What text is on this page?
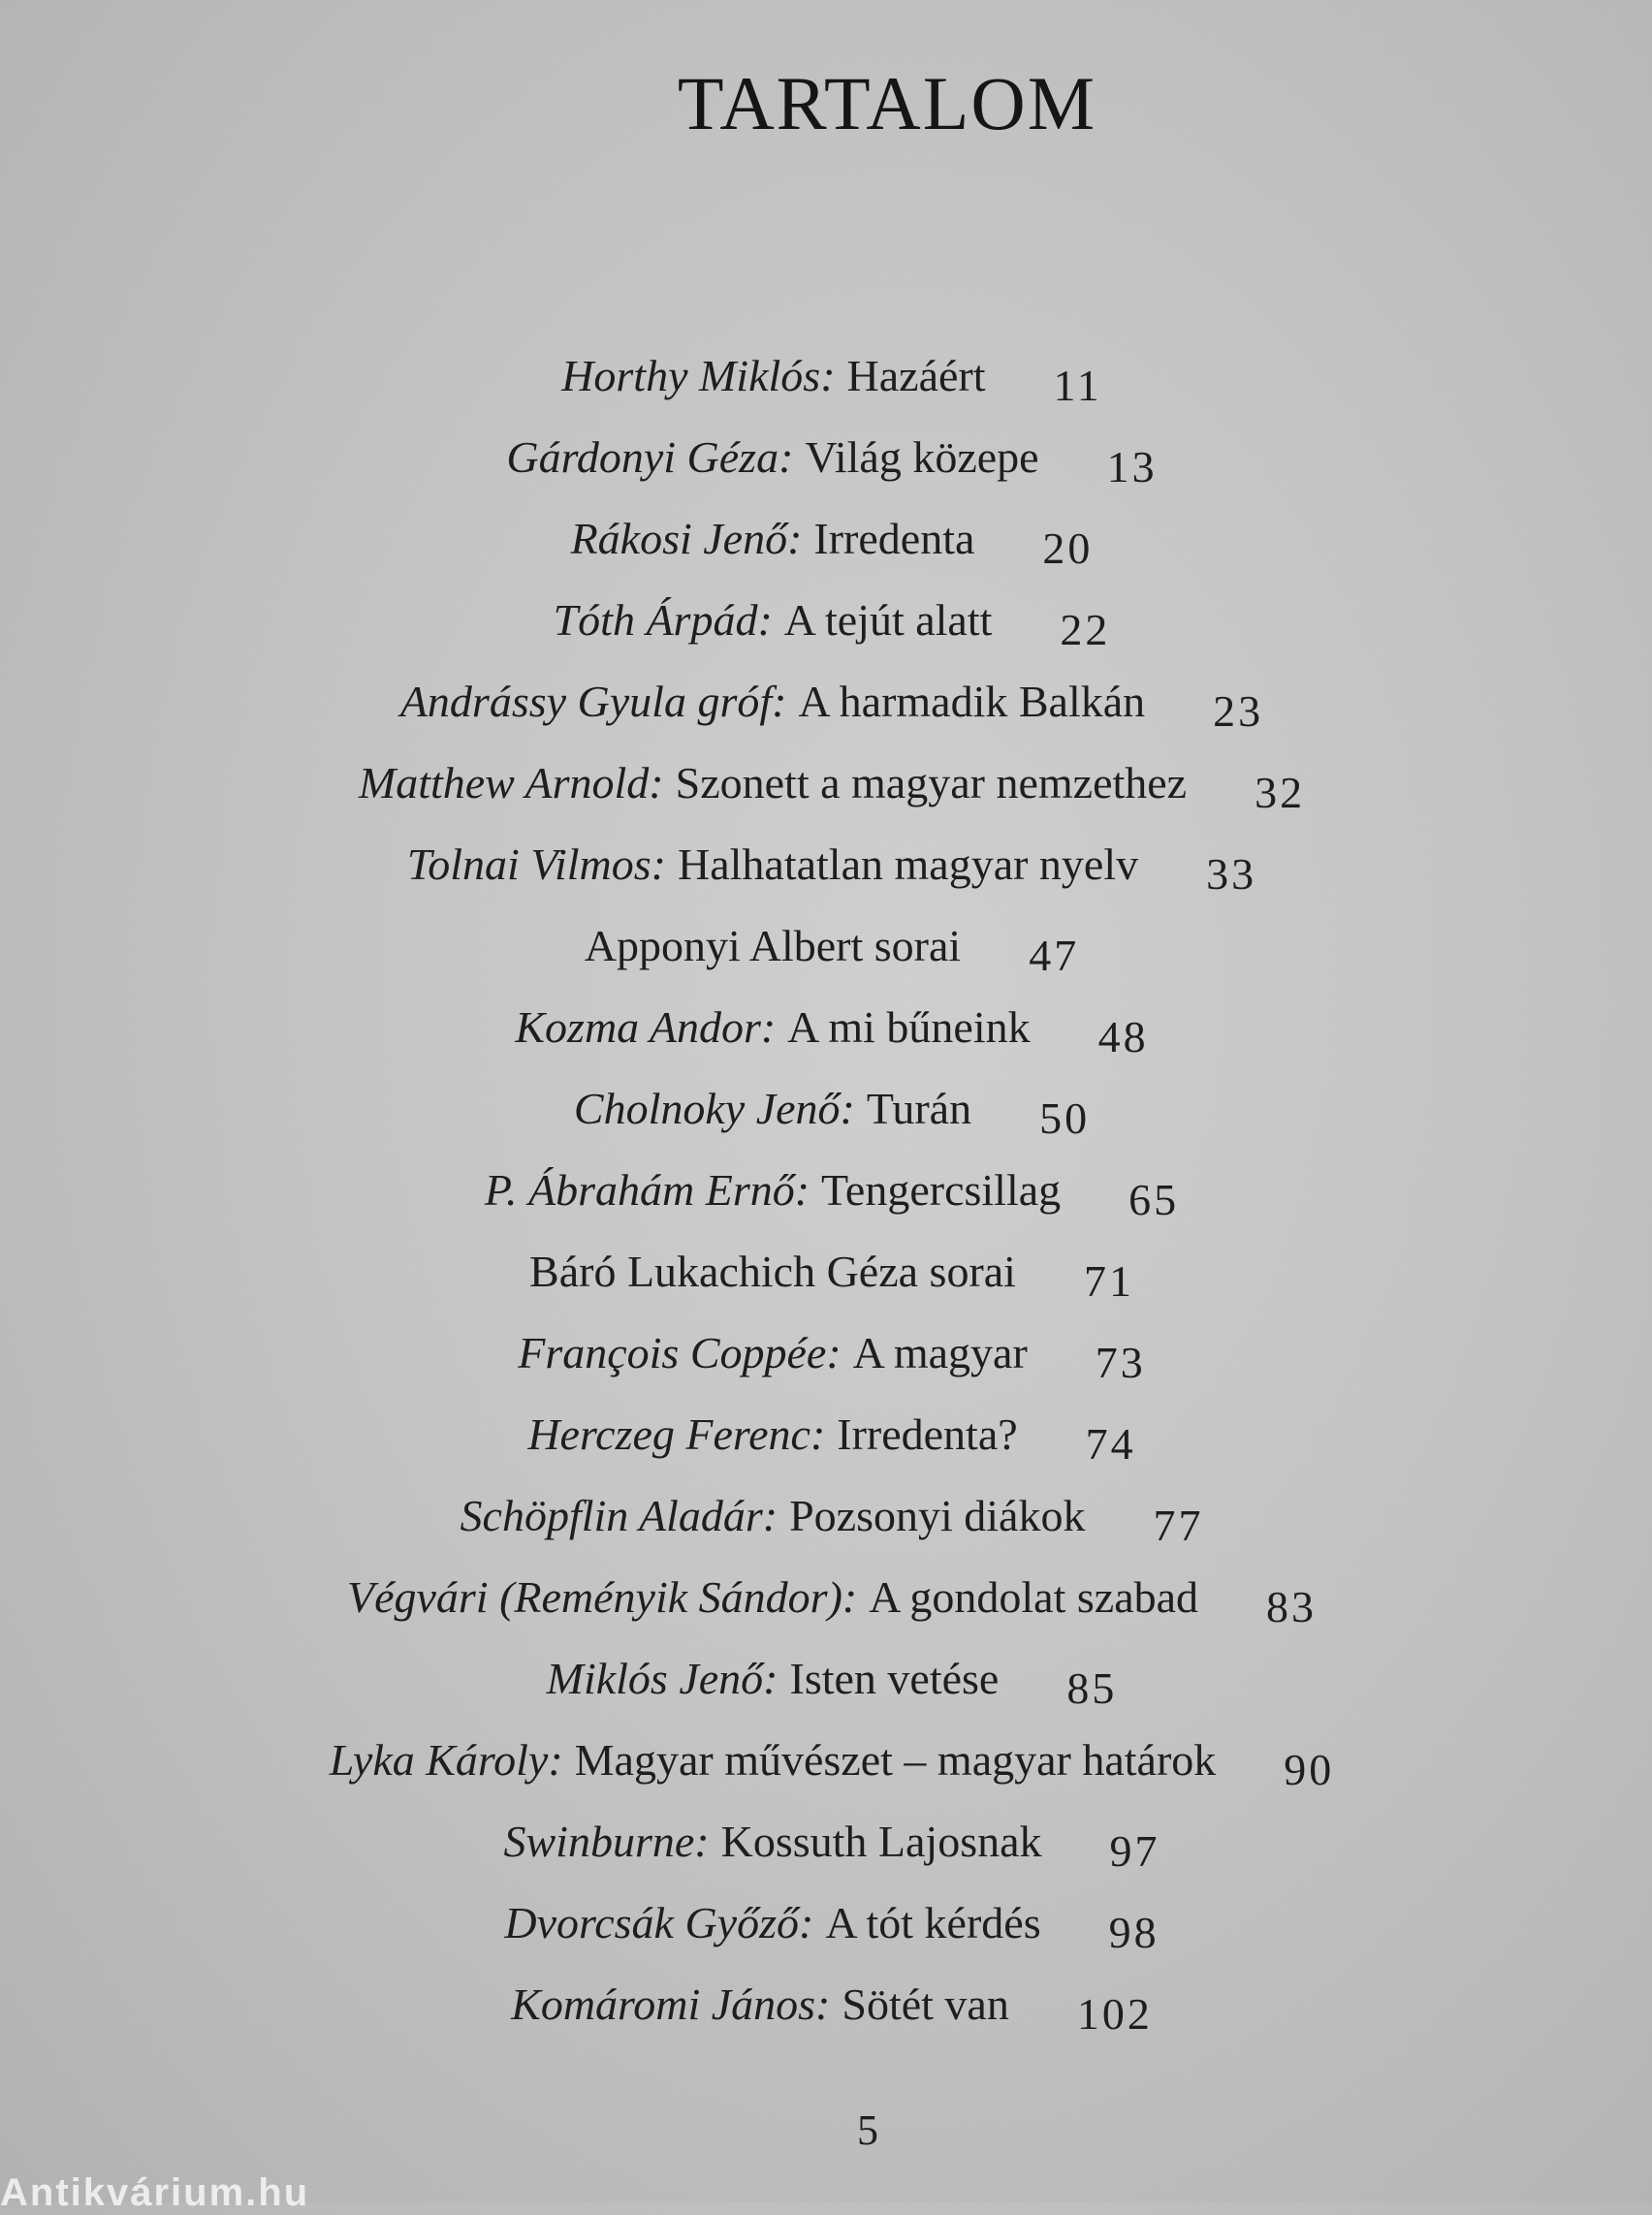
TARTALOM
Horthy Miklós: Hazáért 11
Gárdonyi Géza: Világ közepe 13
Rákosi Jenő: Irredenta 20
Tóth Árpád: A tejút alatt 22
Andrássy Gyula gróf: A harmadik Balkán 23
Matthew Arnold: Szonett a magyar nemzethez 32
Tolnai Vilmos: Halhatatlan magyar nyelv 33
Apponyi Albert sorai 47
Kozma Andor: A mi bűneink 48
Cholnoky Jenő: Turán 50
P. Ábrahám Ernő: Tengercsillag 65
Báró Lukachich Géza sorai 71
François Coppée: A magyar 73
Herczeg Ferenc: Irredenta? 74
Schöpflin Aladár: Pozsonyi diákok 77
Végvári (Reményik Sándor): A gondolat szabad 83
Miklós Jenő: Isten vetése 85
Lyka Károly: Magyar művészet – magyar határok 90
Swinburne: Kossuth Lajosnak 97
Dvorcsák Győző: A tót kérdés 98
Komáromi János: Sötét van 102
5
Antikvárium.hu
